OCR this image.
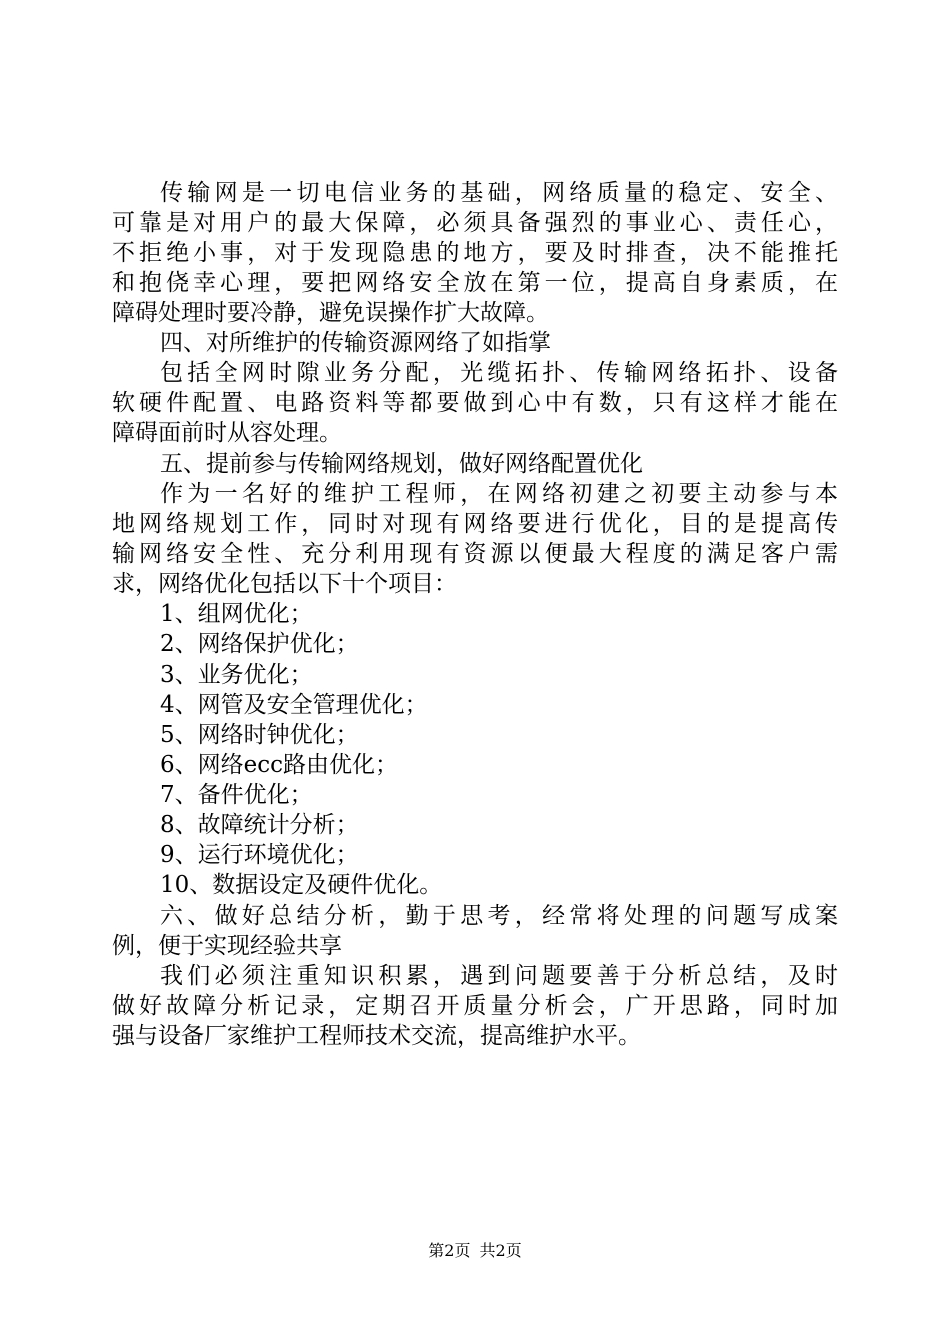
传输网是一切电信业务的基础，网络质量的稳定、安全、
可靠是对用户的最大保障，必须具备强烈的事业心、责任心，
不拒绝小事，对于发现隐患的地方，要及时排查，决不能推托
和抱侥幸心理，要把网络安全放在第一位，提高自身素质，在
障碍处理时要冷静，避免误操作扩大故障。
四、对所维护的传输资源网络了如指掌
包括全网时隙业务分配，光缆拓扑、传输网络拓扑、设备
软硬件配置、电路资料等都要做到心中有数，只有这样才能在
障碍面前时从容处理。
五、提前参与传输网络规划，做好网络配置优化
作为一名好的维护工程师，在网络初建之初要主动参与本
地网络规划工作，同时对现有网络要进行优化，目的是提高传
输网络安全性、充分利用现有资源以便最大程度的满足客户需
求，网络优化包括以下十个项目：
1、组网优化；
2、网络保护优化；
3、业务优化；
4、网管及安全管理优化；
5、网络时钟优化；
6、网络ecc路由优化；
7、备件优化；
8、故障统计分析；
9、运行环境优化；
10、数据设定及硬件优化。
六、做好总结分析，勤于思考，经常将处理的问题写成案
例，便于实现经验共享
我们必须注重知识积累，遇到问题要善于分析总结，及时
做好故障分析记录，定期召开质量分析会，广开思路，同时加
强与设备厂家维护工程师技术交流，提高维护水平。
第2页 共2页
